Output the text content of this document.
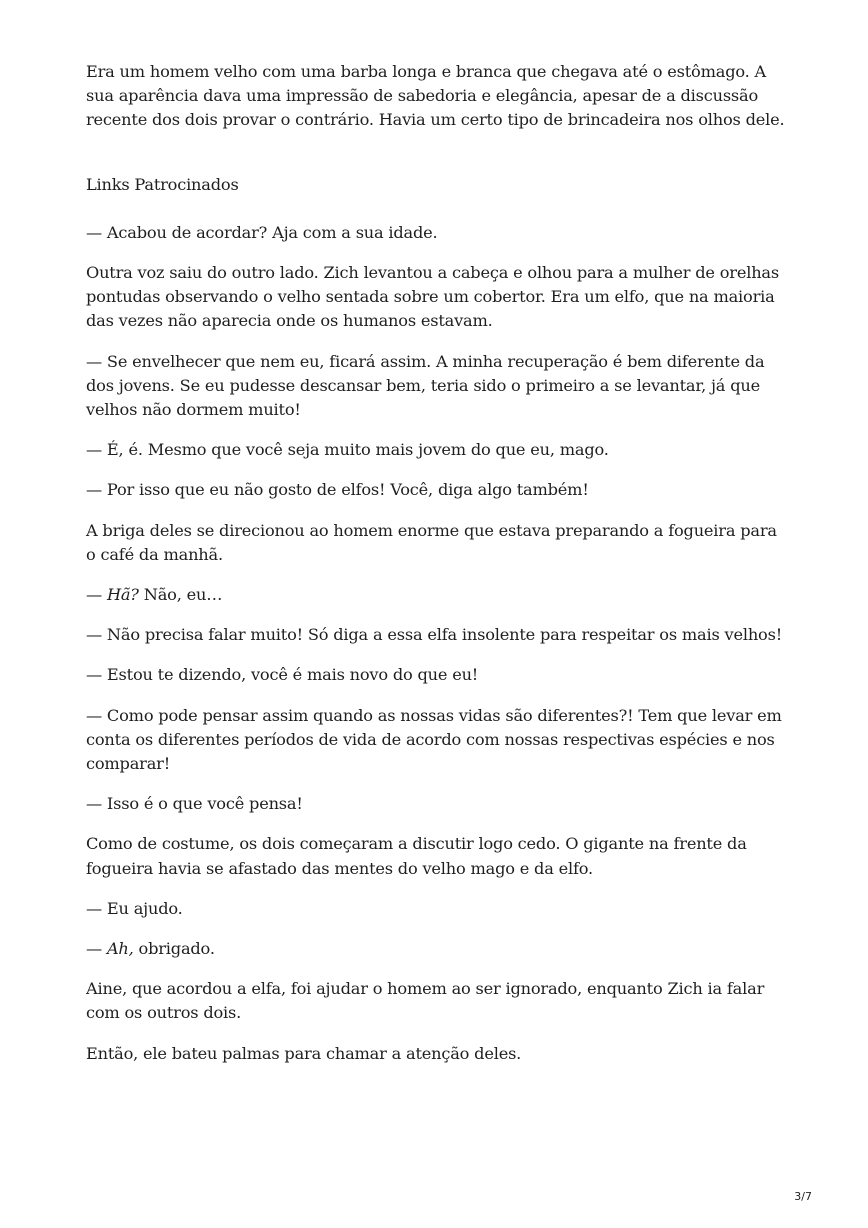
Era um homem velho com uma barba longa e branca que chegava até o estômago. A sua aparência dava uma impressão de sabedoria e elegância, apesar de a discussão recente dos dois provar o contrário. Havia um certo tipo de brincadeira nos olhos dele.

Links Patrocinados

— Acabou de acordar? Aja com a sua idade.

Outra voz saiu do outro lado. Zich levantou a cabeça e olhou para a mulher de orelhas pontudas observando o velho sentada sobre um cobertor. Era um elfo, que na maioria das vezes não aparecia onde os humanos estavam.

— Se envelhecer que nem eu, ficará assim. A minha recuperação é bem diferente da dos jovens. Se eu pudesse descansar bem, teria sido o primeiro a se levantar, já que velhos não dormem muito!

— É, é. Mesmo que você seja muito mais jovem do que eu, mago.

— Por isso que eu não gosto de elfos! Você, diga algo também!

A briga deles se direcionou ao homem enorme que estava preparando a fogueira para o café da manhã.

— Hã? Não, eu…

— Não precisa falar muito! Só diga a essa elfa insolente para respeitar os mais velhos!

— Estou te dizendo, você é mais novo do que eu!

— Como pode pensar assim quando as nossas vidas são diferentes?! Tem que levar em conta os diferentes períodos de vida de acordo com nossas respectivas espécies e nos comparar!

— Isso é o que você pensa!

Como de costume, os dois começaram a discutir logo cedo. O gigante na frente da fogueira havia se afastado das mentes do velho mago e da elfo.

— Eu ajudo.

— Ah, obrigado.

Aine, que acordou a elfa, foi ajudar o homem ao ser ignorado, enquanto Zich ia falar com os outros dois.

Então, ele bateu palmas para chamar a atenção deles.

3/7
